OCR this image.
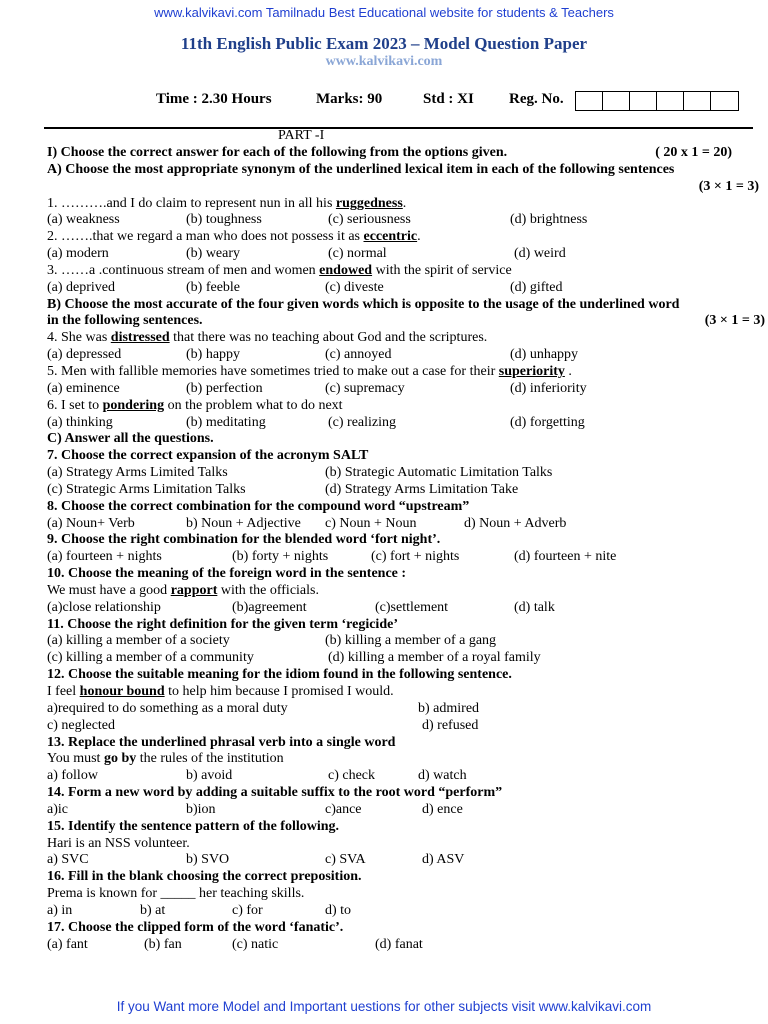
www.kalvikavi.com Tamilnadu Best Educational website for students & Teachers
11th English Public Exam 2023 – Model Question Paper
www.kalvikavi.com
Time : 2.30 Hours	Marks: 90	Std : XI Reg. No.
PART -I
I) Choose the correct answer for each of the following from the options given.	( 20 x 1 = 20)
A) Choose the most appropriate synonym of the underlined lexical item in each of the following sentences
(3 × 1 = 3)
1. ……….and I do claim to represent nun in all his ruggedness.
(a) weakness	(b) toughness	(c) seriousness	(d) brightness
2. …….that we regard a man who does not possess it as eccentric.
(a) modern	(b) weary	(c) normal	(d) weird
3. ……a .continuous stream of men and women endowed with the spirit of service
(a) deprived	(b) feeble	(c) diveste	(d) gifted
B) Choose the most accurate of the four given words which is opposite to the usage of the underlined word
in the following sentences.	(3 × 1 = 3)
4. She was distressed that there was no teaching about God and the scriptures.
(a) depressed	(b) happy	(c) annoyed	(d) unhappy
5. Men with fallible memories have sometimes tried to make out a case for their superiority .
(a) eminence	(b) perfection	(c) supremacy	(d) inferiority
6. I set to pondering on the problem what to do next
(a) thinking	(b) meditating	(c) realizing	(d) forgetting
C) Answer all the questions.
7. Choose the correct expansion of the acronym SALT
(a) Strategy Arms Limited Talks	(b) Strategic Automatic Limitation Talks
(c) Strategic Arms Limitation Talks	(d) Strategy Arms Limitation Take
8. Choose the correct combination for the compound word “upstream”
(a) Noun+ Verb	b) Noun + Adjective c) Noun + Noun	d) Noun + Adverb
9. Choose the right combination for the blended word ‘fort night’.
(a) fourteen + nights	(b) forty + nights	(c) fort + nights	(d) fourteen + nite
10. Choose the meaning of the foreign word in the sentence :
We must have a good rapport with the officials.
(a)close relationship	(b)agreement	(c)settlement	(d) talk
11. Choose the right definition for the given term ‘regicide’
(a) killing a member of a society	(b) killing a member of a gang
(c) killing a member of a community	(d) killing a member of a royal family
12. Choose the suitable meaning for the idiom found in the following sentence.
I feel honour bound to help him because I promised I would.
a)required to do something as a moral duty	b) admired
c) neglected	d) refused
13. Replace the underlined phrasal verb into a single word
You must go by the rules of the institution
a) follow	b) avoid	c) check	d) watch
14. Form a new word by adding a suitable suffix to the root word “perform”
a)ic	b)ion	c)ance	d) ence
15. Identify the sentence pattern of the following.
Hari is an NSS volunteer.
a) SVC	b) SVO	c) SVA	d) ASV
16. Fill in the blank choosing the correct preposition.
Prema is known for _____ her teaching skills.
a) in	b) at	c) for	d) to
17. Choose the clipped form of the word ‘fanatic’.
(a) fant	(b) fan	(c) natic	(d) fanat
If you Want more Model and Important uestions for other subjects visit www.kalvikavi.com
